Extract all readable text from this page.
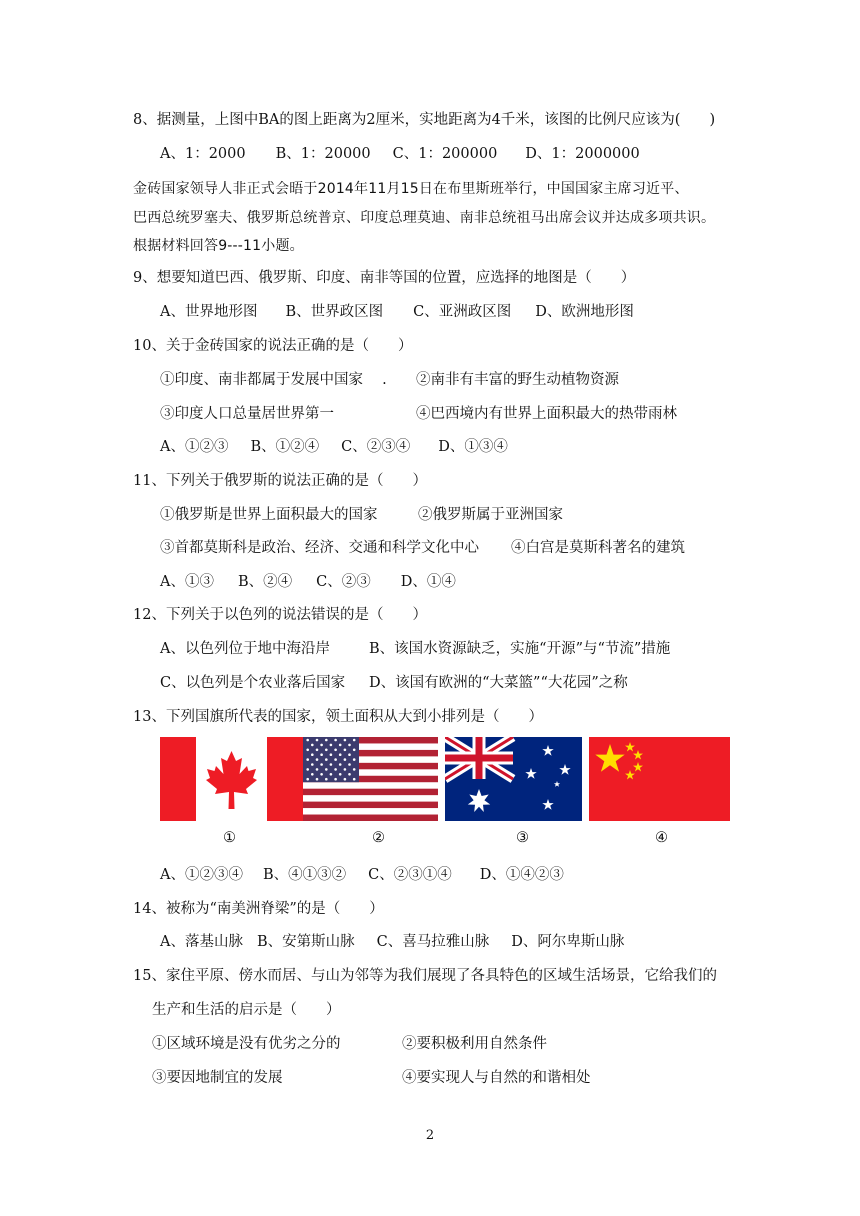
8、据测量，上图中BA的图上距离为2厘米，实地距离为4千米，该图的比例尺应该为(　　)
A、1：2000 B、1：20000 C、1：200000 D、1：2000000
金砖国家领导人非正式会晤于2014年11月15日在布里斯班举行，中国国家主席习近平、
巴西总统罗塞夫、俄罗斯总统普京、印度总理莫迪、南非总统祖马出席会议并达成多项共识。
根据材料回答9---11小题。
9、想要知道巴西、俄罗斯、印度、南非等国的位置，应选择的地图是（　　）
A、世界地形图 B、世界政区图 C、亚洲政区图 D、欧洲地形图
10、关于金砖国家的说法正确的是（　　）
①印度、南非都属于发展中国家　 . ②南非有丰富的野生动植物资源
③印度人口总量居世界第一	④巴西境内有世界上面积最大的热带雨林
A、①②③ B、①②④ C、②③④ D、①③④
11、下列关于俄罗斯的说法正确的是（　　）
①俄罗斯是世界上面积最大的国家	②俄罗斯属于亚洲国家
③首都莫斯科是政治、经济、交通和科学文化中心 ④白宫是莫斯科著名的建筑
A、①③ B、②④ C、②③ D、①④
12、下列关于以色列的说法错误的是（　　）
A、以色列位于地中海沿岸	B、该国水资源缺乏，实施“开源”与“节流”措施
C、以色列是个农业落后国家 D、该国有欧洲的“大菜篮”“大花园”之称
13、下列国旗所代表的国家，领土面积从大到小排列是（　　）
①	②	③	④
A、①②③④ B、④①③② C、②③①④ D、①④②③
14、被称为“南美洲脊梁”的是（　　）
A、落基山脉 B、安第斯山脉 C、喜马拉雅山脉 D、阿尔卑斯山脉
15、家住平原、傍水而居、与山为邻等为我们展现了各具特色的区域生活场景，它给我们的
生产和生活的启示是（　　）
①区域环境是没有优劣之分的	②要积极利用自然条件
③要因地制宜的发展	④要实现人与自然的和谐相处
2
